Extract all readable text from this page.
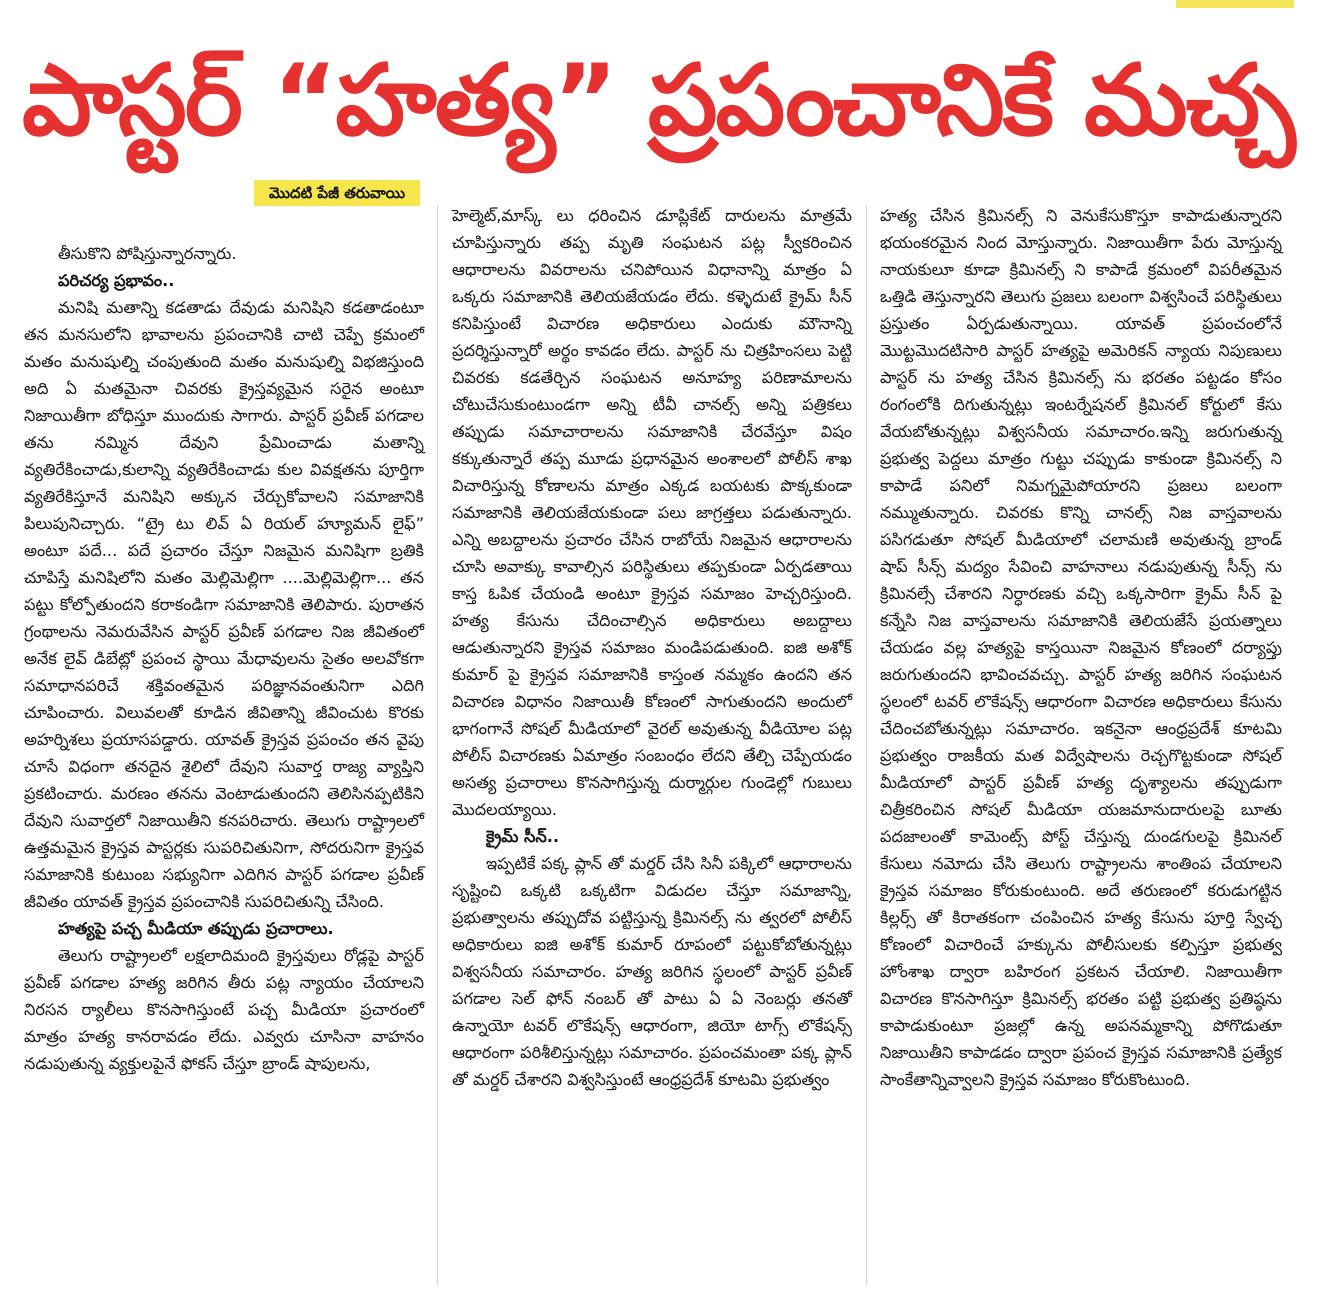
పాస్టర్ “హత్య” ప్రపంచానికే మచ్చ
మొదటి పేజీ తరువాయి

తీసుకొని పోషిస్తున్నారన్నారు.

పరిచర్య ప్రభావం..

మనిషి మతాన్ని కడతాడు దేవుడు మనిషిని కడతాడంటూ తన మనసులోని భావాలను ప్రపంచానికి చాటి చెప్పే క్రమంలో మతం మనుషుల్ని చంపుతుంది మతం మనుషుల్ని విభజిస్తుంది అది ఏ మతమైనా చివరకు క్రైస్తవ్యమైన సరైన అంటూ నిజాయితీగా బోధిస్తూ ముందుకు సాగారు. పాస్టర్ ప్రవీణ్ పగడాల తను నమ్మిన దేవుని ప్రేమించాడు మతాన్ని వ్యతిరేకించాడు,కులాన్ని వ్యతిరేకించాడు కుల వివక్షతను పూర్తిగా వ్యతిరేకిస్తూనే మనిషిని అక్కున చేర్చుకోవాలని సమాజానికి పిలుపునిచ్చారు. “ట్రై టు లివ్ ఏ రియల్ హ్యూమన్ లైఫ్” అంటూ పదే... పదే ప్రచారం చేస్తూ నిజమైన మనిషిగా బ్రతికి చూపిస్తే మనిషిలోని మతం మెల్లిమెల్లిగా ....మెల్లిమెల్లిగా... తన పట్టు కోల్పోతుందని కరాకండిగా సమాజానికి తెలిపారు. పురాతన గ్రంథాలను నెమరువేసిన పాస్టర్ ప్రవీణ్ పగడాల నిజ జీవితంలో అనేక లైవ్ డిబేట్లో ప్రపంచ స్థాయి మేధావులను సైతం అలవోకగా సమాధానపరిచే శక్తివంతమైన పరిజ్ఞానవంతునిగా ఎదిగి చూపించారు. విలువలతో కూడిన జీవితాన్ని జీవించుట కొరకు అహర్నిశలు ప్రయాసపడ్డారు. యావత్ క్రైస్తవ ప్రపంచం తన వైపు చూసే విధంగా తనదైన శైలిలో దేవుని సువార్త రాజ్య వ్యాప్తిని ప్రకటించారు. మరణం తనను వెంటాడుతుందని తెలిసినప్పటికిని దేవుని సువార్తలో నిజాయితీని కనపరిచారు. తెలుగు రాష్ట్రాలలో ఉత్తమమైన క్రైస్తవ పాస్టర్లకు సుపరిచితునిగా, సోదరునిగా క్రైస్తవ సమాజానికి కుటుంబ సభ్యునిగా ఎదిగిన పాస్టర్ పగడాల ప్రవీణ్ జీవితం యావత్ క్రైస్తవ ప్రపంచానికి సుపరిచితున్ని చేసింది.

హత్యపై పచ్చ మీడియా తప్పుడు ప్రచారాలు.

తెలుగు రాష్ట్రాలలో లక్షలాదిమంది క్రైస్తవులు రోడ్లపై పాస్టర్ ప్రవీణ్ పగడాల హత్య జరిగిన తీరు పట్ల న్యాయం చేయాలని నిరసన ర్యాలీలు కొనసాగిస్తుంటే పచ్చ మీడియా ప్రచారంలో మాత్రం హత్య కానరావడం లేదు. ఎవ్వరు చూసినా వాహనం నడుపుతున్న వ్యక్తులపైనే ఫోకస్ చేస్తూ బ్రాండ్ షాపులను,

హెల్మెట్,మాస్క్ లు ధరించిన డూప్లికేట్ దారులను మాత్రమే చూపిస్తున్నారు తప్ప మృతి సంఘటన పట్ల స్వీకరించిన ఆధారాలను వివరాలను చనిపోయిన విధానాన్ని మాత్రం ఏ ఒక్కరు సమాజానికి తెలియజేయడం లేదు. కళ్ళెదుటే క్రైమ్ సీన్ కనిపిస్తుంటే విచారణ అధికారులు ఎందుకు మౌనాన్ని ప్రదర్శిస్తున్నారో అర్థం కావడం లేదు. పాస్టర్ ను చిత్రహింసలు పెట్టి చివరకు కడతేర్చిన సంఘటన అనూహ్య పరిణామాలను చోటుచేసుకుంటుండగా అన్ని టీవీ చానల్స్ అన్ని పత్రికలు తప్పుడు సమాచారాలను సమాజానికి చేరవేస్తూ విషం కక్కుతున్నారే తప్ప మూడు ప్రధానమైన అంశాలలో పోలీస్ శాఖ విచారిస్తున్న కోణాలను మాత్రం ఎక్కడ బయటకు పొక్కకుండా సమాజానికి తెలియజేయకుండా పలు జాగ్రత్తలు పడుతున్నారు. ఎన్ని అబద్దాలను ప్రచారం చేసిన రాబోయే నిజమైన ఆధారాలను చూసి అవాక్కు కావాల్సిన పరిస్థితులు తప్పకుండా ఏర్పడతాయి కాస్త ఓపిక చేయండి అంటూ క్రైస్తవ సమాజం హెచ్చరిస్తుంది. హత్య కేసును చేదించాల్సిన అధికారులు అబద్దాలు ఆడుతున్నారని క్రైస్తవ సమాజం మండిపడుతుంది. ఐజి అశోక్ కుమార్ పై క్రైస్తవ సమాజానికి కాస్తంత నమ్మకం ఉందని తన విచారణ విధానం నిజాయితీ కోణంలో సాగుతుందని అందులో భాగంగానే సోషల్ మీడియాలో వైరల్ అవుతున్న వీడియోల పట్ల పోలీస్ విచారణకు ఏమాత్రం సంబంధం లేదని తేల్చి చెప్పేయడం అసత్య ప్రచారాలు కొనసాగిస్తున్న దుర్మార్గుల గుండెల్లో గుబులు మొదలయ్యాయి.

క్రైమ్ సీన్..

ఇప్పటికే పక్క ప్లాన్ తో మర్డర్ చేసి సినీ పక్కిలో ఆధారాలను సృష్టించి ఒక్కటి ఒక్కటిగా విడుదల చేస్తూ సమాజాన్ని, ప్రభుత్వాలను తప్పుదోవ పట్టిస్తున్న క్రిమినల్స్ ను త్వరలో పోలీస్ అధికారులు ఐజి అశోక్ కుమార్ రూపంలో పట్టుకోబోతున్నట్లు విశ్వసనీయ సమాచారం. హత్య జరిగిన స్థలంలో పాస్టర్ ప్రవీణ్ పగడాల సెల్ ఫోన్ నంబర్ తో పాటు ఏ ఏ నెంబర్లు తనతో ఉన్నాయో టవర్ లొకేషన్స్ ఆధారంగా, జియో టాగ్స్ లొకేషన్స్ ఆధారంగా పరిశీలిస్తున్నట్లు సమాచారం. ప్రపంచమంతా పక్క ప్లాన్ తో మర్డర్ చేశారని విశ్వసిస్తుంటే ఆంధ్రప్రదేశ్ కూటమి ప్రభుత్వం

హత్య చేసిన క్రిమినల్స్ ని వెనుకేసుకొస్తూ కాపాడుతున్నారని భయంకరమైన నింద మోస్తున్నారు. నిజాయితీగా పేరు మోస్తున్న నాయకులూ కూడా క్రిమినల్స్ ని కాపాడే క్రమంలో విపరీతమైన ఒత్తిడి తెస్తున్నారని తెలుగు ప్రజలు బలంగా విశ్వసించే పరిస్థితులు ప్రస్తుతం ఏర్పడుతున్నాయి. యావత్ ప్రపంచంలోనే మొట్టమొదటిసారి పాస్టర్ హత్యపై అమెరికన్ న్యాయ నిపుణులు పాస్టర్ ను హత్య చేసిన క్రిమినల్స్ ను భరతం పట్టడం కోసం రంగంలోకి దిగుతున్నట్లు ఇంటర్నేషనల్ క్రిమినల్ కోర్టులో కేసు వేయబోతున్నట్లు విశ్వసనీయ సమాచారం.ఇన్ని జరుగుతున్న ప్రభుత్వ పెద్దలు మాత్రం గుట్టు చప్పుడు కాకుండా క్రిమినల్స్ ని కాపాడే పనిలో నిమగ్నమైపోయారని ప్రజలు బలంగా నమ్ముతున్నారు. చివరకు కొన్ని చానల్స్ నిజ వాస్తవాలను పసిగడుతూ సోషల్ మీడియాలో చలామణి అవుతున్న బ్రాండ్ షాప్ సీన్స్ మద్యం సేవించి వాహనాలు నడుపుతున్న సీన్స్ ను క్రిమినల్సే చేశారని నిర్ధారణకు వచ్చి ఒక్కసారిగా క్రైమ్ సీన్ పై కన్నేసి నిజ వాస్తవాలను సమాజానికి తెలియజేసే ప్రయత్నాలు చేయడం వల్ల హత్యపై కాస్తయినా నిజమైన కోణంలో దర్యాప్తు జరుగుతుందని భావించవచ్చు. పాస్టర్ హత్య జరిగిన సంఘటన స్థలంలో టవర్ లొకేషన్స్ ఆధారంగా విచారణ అధికారులు కేసును చేదించబోతున్నట్లు సమాచారం. ఇకనైనా ఆంధ్రప్రదేశ్ కూటమి ప్రభుత్వం రాజకీయ మత విద్వేషాలను రెచ్చగొట్టకుండా సోషల్ మీడియాలో పాస్టర్ ప్రవీణ్ హత్య దృశ్యాలను తప్పుడుగా చిత్రీకరించిన సోషల్ మీడియా యజమానుదారులపై బూతు పదజాలంతో కామెంట్స్ పోస్ట్ చేస్తున్న దుండగులపై క్రిమినల్ కేసులు నమోదు చేసి తెలుగు రాష్ట్రాలను శాంతింప చేయాలని క్రైస్తవ సమాజం కోరుకుంటుంది. అదే తరుణంలో కరుడుగట్టిన కిల్లర్స్ తో కిరాతకంగా చంపించిన హత్య కేసును పూర్తి స్వేచ్ఛ కోణంలో విచారించే హక్కును పోలీసులకు కల్పిస్తూ ప్రభుత్వ హోంశాఖ ద్వారా బహిరంగ ప్రకటన చేయాలి. నిజాయితీగా విచారణ కొనసాగిస్తూ క్రిమినల్స్ భరతం పట్టి ప్రభుత్వ ప్రతిష్ఠను కాపాడుకుంటూ ప్రజల్లో ఉన్న అపనమ్మకాన్ని పోగొడుతూ నిజాయితీని కాపాడడం ద్వారా ప్రపంచ క్రైస్తవ సమాజానికి ప్రత్యేక సాంకేతాన్నివ్వాలని క్రైస్తవ సమాజం కోరుకొంటుంది.
